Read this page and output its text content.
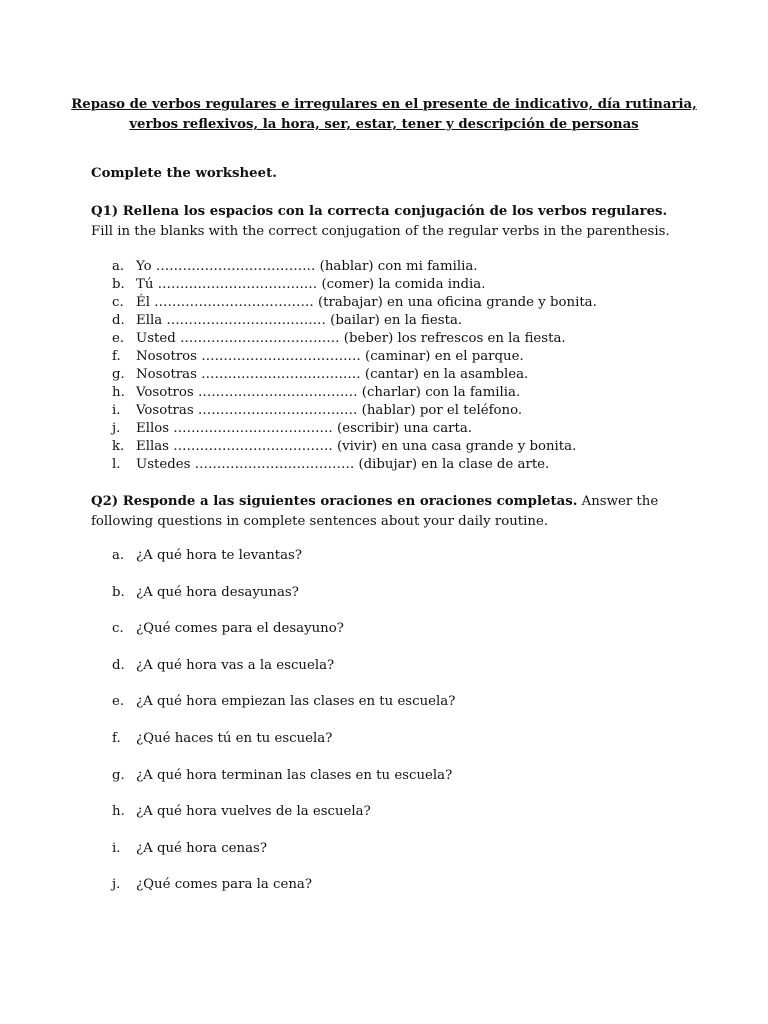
Repaso de verbos regulares e irregulares en el presente de indicativo, día rutinaria,
verbos reflexivos, la hora, ser, estar, tener y descripción de personas
Complete the worksheet.
Q1) Rellena los espacios con la correcta conjugación de los verbos regulares. Fill in the blanks with the correct conjugation of the regular verbs in the parenthesis.
a. Yo ……………………………… (hablar) con mi familia.
b. Tú ……………………………… (comer) la comida india.
c. Él ……………………………… (trabajar) en una oficina grande y bonita.
d. Ella ……………………………… (bailar) en la fiesta.
e. Usted ……………………………… (beber) los refrescos en la fiesta.
f. Nosotros ……………………………… (caminar) en el parque.
g. Nosotras ……………………………… (cantar) en la asamblea.
h. Vosotros ……………………………… (charlar) con la familia.
i. Vosotras ……………………………… (hablar) por el teléfono.
j. Ellos ……………………………… (escribir) una carta.
k. Ellas ……………………………… (vivir) en una casa grande y bonita.
l. Ustedes ……………………………… (dibujar) en la clase de arte.
Q2) Responde a las siguientes oraciones en oraciones completas. Answer the following questions in complete sentences about your daily routine.
a. ¿A qué hora te levantas?
b. ¿A qué hora desayunas?
c. ¿Qué comes para el desayuno?
d. ¿A qué hora vas a la escuela?
e. ¿A qué hora empiezan las clases en tu escuela?
f. ¿Qué haces tú en tu escuela?
g. ¿A qué hora terminan las clases en tu escuela?
h. ¿A qué hora vuelves de la escuela?
i. ¿A qué hora cenas?
j. ¿Qué comes para la cena?
